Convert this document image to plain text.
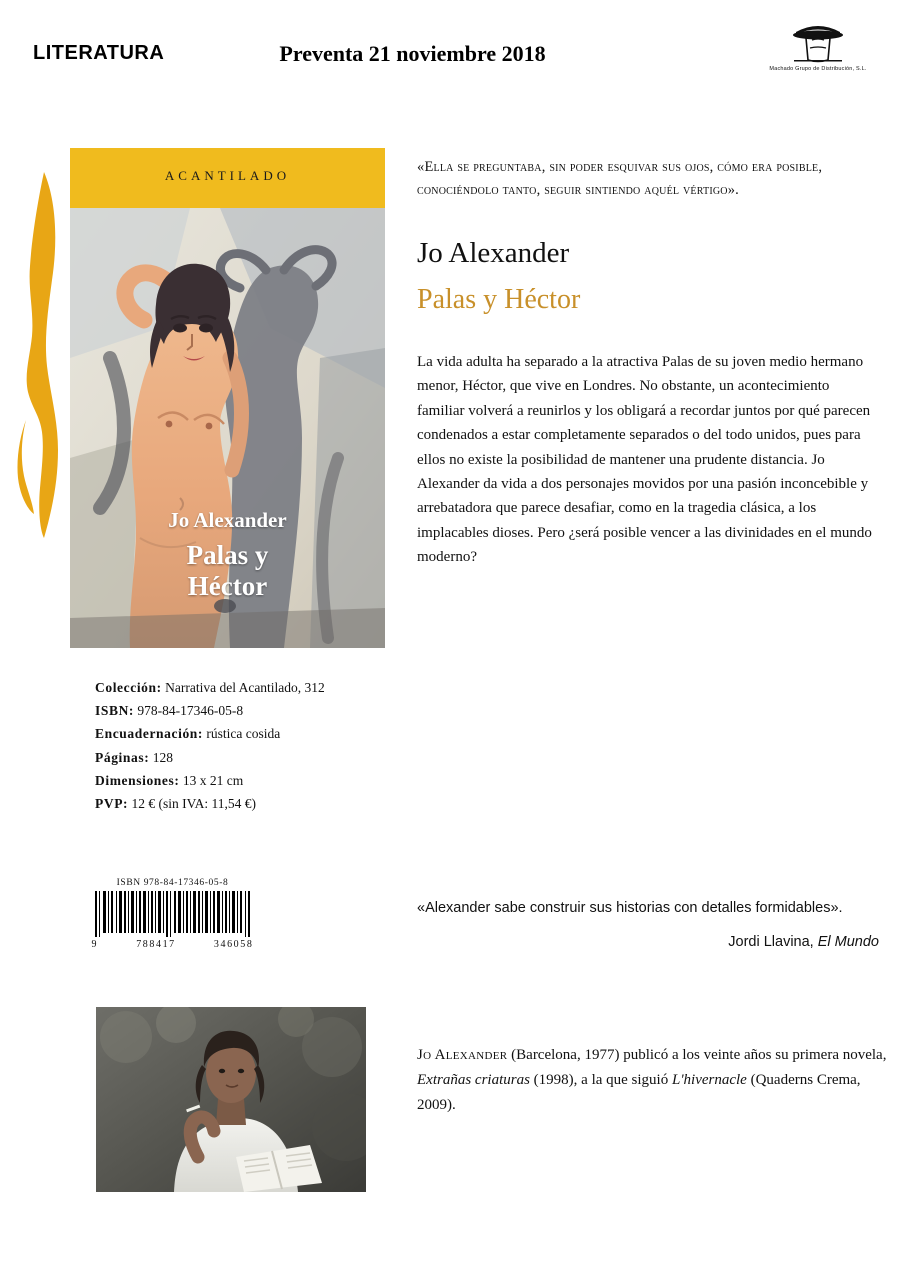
LITERATURA	Preventa 21 noviembre 2018
Machado Grupo de Distribución, S.L.
ACANTILADO
Jo Alexander
Palas y
Héctor
«Ella se preguntaba, sin poder esquivar sus ojos, cómo era posible, conociéndolo tanto, seguir sintiendo aquél vértigo».
Jo Alexander
Palas y Héctor
La vida adulta ha separado a la atractiva Palas de su joven medio hermano menor, Héctor, que vive en Londres. No obstante, un acontecimiento familiar volverá a reunirlos y los obligará a recordar juntos por qué parecen condenados a estar completamente separados o del todo unidos, pues para ellos no existe la posibilidad de mantener una prudente distancia. Jo Alexander da vida a dos personajes movidos por una pasión inconcebible y arrebatadora que parece desafiar, como en la tragedia clásica, a los implacables dioses. Pero ¿será posible vencer a las divinidades en el mundo moderno?
Colección: Narrativa del Acantilado, 312
ISBN: 978-84-17346-05-8
Encuadernación: rústica cosida
Páginas: 128
Dimensiones: 13 x 21 cm
PVP: 12 € (sin IVA: 11,54 €)
ISBN 978-84-17346-05-8
9	788417	346058
«Alexander sabe construir sus historias con detalles formidables».
Jordi Llavina, El Mundo
Jo Alexander (Barcelona, 1977) publicó a los veinte años su primera novela, Extrañas criaturas (1998), a la que siguió L'hivernacle (Quaderns Crema, 2009).
